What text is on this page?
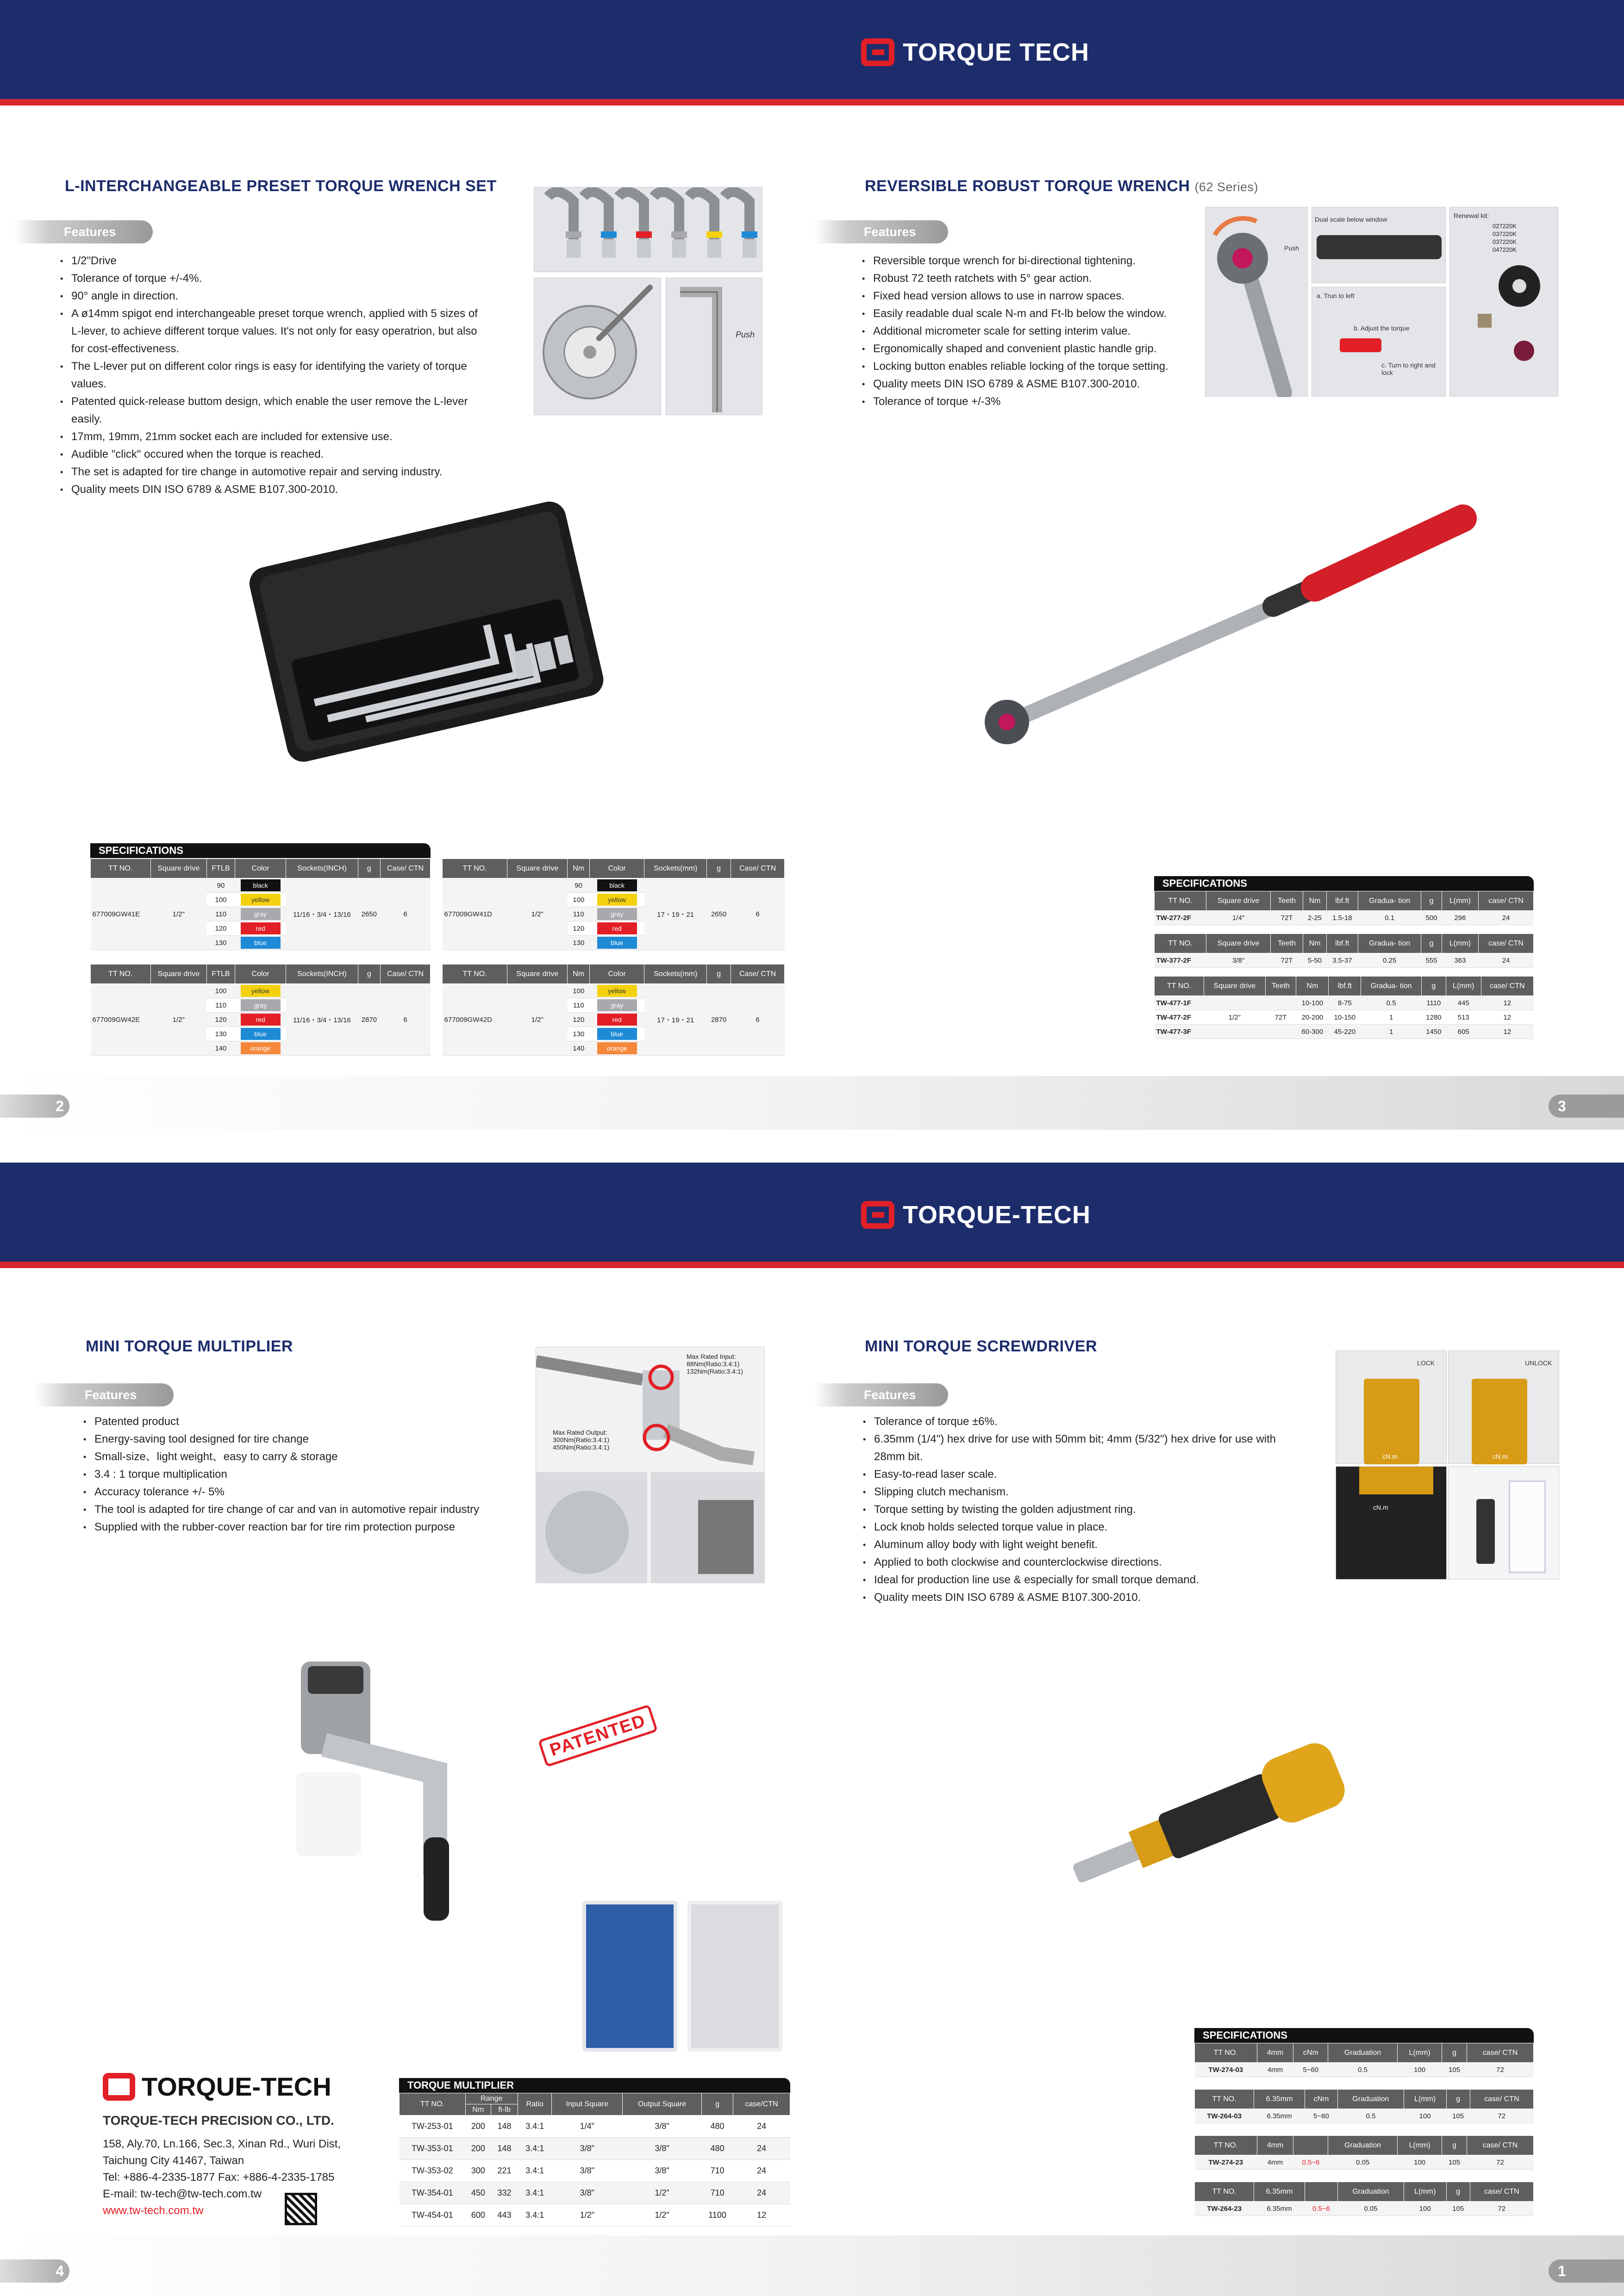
TORQUE TECH
L-INTERCHANGEABLE PRESET TORQUE WRENCH SET
Features
• 1/2"Drive
• Tolerance of torque +/-4%.
• 90° angle in direction.
• A ø14mm spigot end interchangeable preset torque wrench, applied with 5 sizes of L-lever, to achieve different torque values. It's not only for easy operatrion, but also for cost-effectiveness.
• The L-lever put on different color rings is easy for identifying the variety of torque values.
• Patented quick-release buttom design, which enable the user remove the L-lever easily.
• 17mm, 19mm, 21mm socket each are included for extensive use.
• Audible "click" occured when the torque is reached.
• The set is adapted for tire change in automotive repair and serving industry.
• Quality meets DIN ISO 6789 & ASME B107.300-2010.
Push
SPECIFICATIONS
TT NO.	Square drive	FTLB	Color	Sockets(INCH)	g	Case/ CTN
677009GW41E	1/2"	90	black	11/16・3/4・13/16	2650	6
		100	yellow			
		110	gray			
		120	red			
		130	blue			
TT NO.	Square drive	Nm	Color	Sockets(mm)	g	Case/ CTN
677009GW41D	1/2"	90	black	17・19・21	2650	6
		100	yellow			
		110	gray			
		120	red			
		130	blue			
TT NO.	Square drive	FTLB	Color	Sockets(INCH)	g	Case/ CTN
677009GW42E	1/2"	100	yellow	11/16・3/4・13/16	2870	6
		110	gray			
		120	red			
		130	blue			
		140	orange			
TT NO.	Square drive	Nm	Color	Sockets(mm)	g	Case/ CTN
677009GW42D	1/2"	100	yellow	17・19・21	2870	6
		110	gray			
		120	red			
		130	blue			
		140	orange			
2	3
REVERSIBLE ROBUST TORQUE WRENCH (62 Series)
Features
• Reversible torque wrench for bi-directional tightening.
• Robust 72 teeth ratchets with 5° gear action.
• Fixed head version allows to use in narrow spaces.
• Easily readable dual scale N-m and Ft-lb below the window.
• Additional micrometer scale for setting interim value.
• Ergonomically shaped and convenient plastic handle grip.
• Locking button enables reliable locking of the torque setting.
• Quality meets DIN ISO 6789 & ASME B107.300-2010.
• Tolerance of torque +/-3%
Push
Dual scale below window
a. Trun to left
b. Adjust the torque
c. Turn to right and lock
Renewal kit:
027220K
037220K
037220K
047220K
SPECIFICATIONS
TT NO.	Square drive	Teeth	Nm	lbf.ft	Gradua- tion	g	L(mm)	case/ CTN
TW-277-2F	1/4"	72T	2-25	1.5-18	0.1	500	296	24
TT NO.	Square drive	Teeth	Nm	lbf.ft	Gradua- tion	g	L(mm)	case/ CTN
TW-377-2F	3/8"	72T	5-50	3.5-37	0.25	555	363	24
TT NO.	Square drive	Teeth	Nm	lbf.ft	Gradua- tion	g	L(mm)	case/ CTN
TW-477-1F			10-100	8-75	0.5	1110	445	12
TW-477-2F	1/2"	72T	20-200	10-150	1	1280	513	12
TW-477-3F			60-300	45-220	1	1450	605	12
TORQUE-TECH
MINI TORQUE MULTIPLIER
Features
• Patented product
• Energy-saving tool designed for tire change
• Small-size、light weight、easy to carry & storage
• 3.4 : 1 torque multiplication
• Accuracy tolerance +/- 5%
• The tool is adapted for tire change of car and van in automotive repair industry
• Supplied with the rubber-cover reaction bar for tire rim protection purpose
Max Rated Input:
88Nm(Ratio:3.4:1)
132Nm(Ratio:3.4:1)
Max Rated Output:
300Nm(Ratio:3.4:1)
450Nm(Ratio:3.4:1)
PATENTED
TORQUE-TECH
TORQUE-TECH PRECISION CO., LTD.
158, Aly.70, Ln.166, Sec.3, Xinan Rd., Wuri Dist,
Taichung City 41467, Taiwan
Tel: +886-4-2335-1877 Fax: +886-4-2335-1785
E-mail: tw-tech@tw-tech.com.tw
www.tw-tech.com.tw
TORQUE MULTIPLIER
TT NO.	Range		Ratio	Input Square	Output Square	g	case/CTN
	Nm	ft-lb					
TW-253-01	200	148	3.4:1	1/4"	3/8"	480	24
TW-353-01	200	148	3.4:1	3/8"	3/8"	480	24
TW-353-02	300	221	3.4:1	3/8"	3/8"	710	24
TW-354-01	450	332	3.4:1	3/8"	1/2"	710	24
TW-454-01	600	443	3.4:1	1/2"	1/2"	1100	12
4	1
MINI TORQUE SCREWDRIVER
Features
• Tolerance of torque ±6%.
• 6.35mm (1/4") hex drive for use with 50mm bit; 4mm (5/32") hex drive for use with 28mm bit.
• Easy-to-read laser scale.
• Slipping clutch mechanism.
• Torque setting by twisting the golden adjustment ring.
• Lock knob holds selected torque value in place.
• Aluminum alloy body with light weight benefit.
• Applied to both clockwise and counterclockwise directions.
• Ideal for production line use & especially for small torque demand.
• Quality meets DIN ISO 6789 & ASME B107.300-2010.
LOCK
cN.m
UNLOCK
cN.m
cN.m
SPECIFICATIONS
TT NO.	4mm	cNm	Graduation	L(mm)	g	case/ CTN
TW-274-03	4mm	5~60	0.5	100	105	72
TT NO.	6.35mm	cNm	Graduation	L(mm)	g	case/ CTN
TW-264-03	6.35mm	5~60	0.5	100	105	72
TT NO.	4mm		Graduation	L(mm)	g	case/ CTN
TW-274-23	4mm	0.5~6	0.05	100	105	72
TT NO.	6.35mm		Graduation	L(mm)	g	case/ CTN
TW-264-23	6.35mm	0.5~6	0.05	100	105	72
